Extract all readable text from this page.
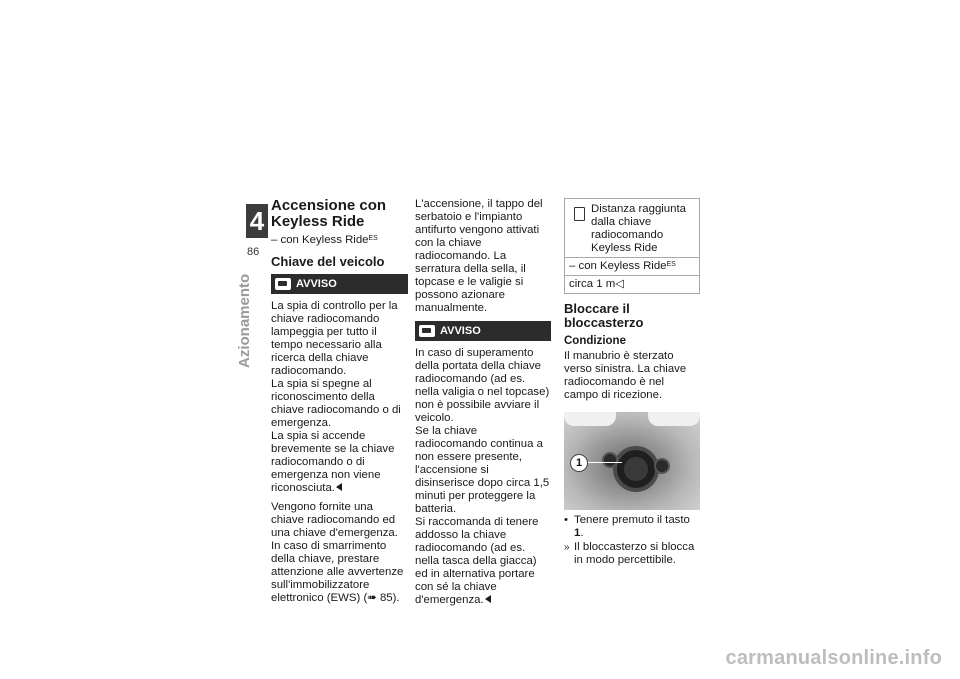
4
86
Azionamento
Accensione con Keyless Ride

– con Keyless Ride$^{ES}$

Chiave del veicolo
AVVISO

La spia di controllo per la chiave radiocomando lampeggia per tutto il tempo necessario alla ricerca della chiave radiocomando.
La spia si spegne al riconoscimento della chiave radiocomando o di emergenza.
La spia si accende brevemente se la chiave radiocomando o di emergenza non viene riconosciuta.

Vengono fornite una chiave radiocomando ed una chiave d'emergenza. In caso di smarrimento della chiave, prestare attenzione alle avvertenze sull'immobilizzatore elettronico (EWS) (➠ 85).

L'accensione, il tappo del serbatoio e l'impianto antifurto vengono attivati con la chiave radiocomando. La serratura della sella, il topcase e le valigie si possono azionare manualmente.

AVVISO

In caso di superamento della portata della chiave radiocomando (ad es. nella valigia o nel topcase) non è possibile avviare il veicolo.
Se la chiave radiocomando continua a non essere presente, l'accensione si disinserisce dopo circa 1,5 minuti per proteggere la batteria.
Si raccomanda di tenere addosso la chiave radiocomando (ad es. nella tasca della giacca) ed in alternativa portare con sé la chiave d'emergenza.

Distanza raggiunta dalla chiave radiocomando Keyless Ride
– con Keyless Ride$^{ES}$
circa 1 m◁
Bloccare il bloccasterzo
Condizione

Il manubrio è sterzato verso sinistra. La chiave radiocomando è nel campo di ricezione.

1
• Tenere premuto il tasto 1.
» Il bloccasterzo si blocca in modo percettibile.
carmanualsonline.info
